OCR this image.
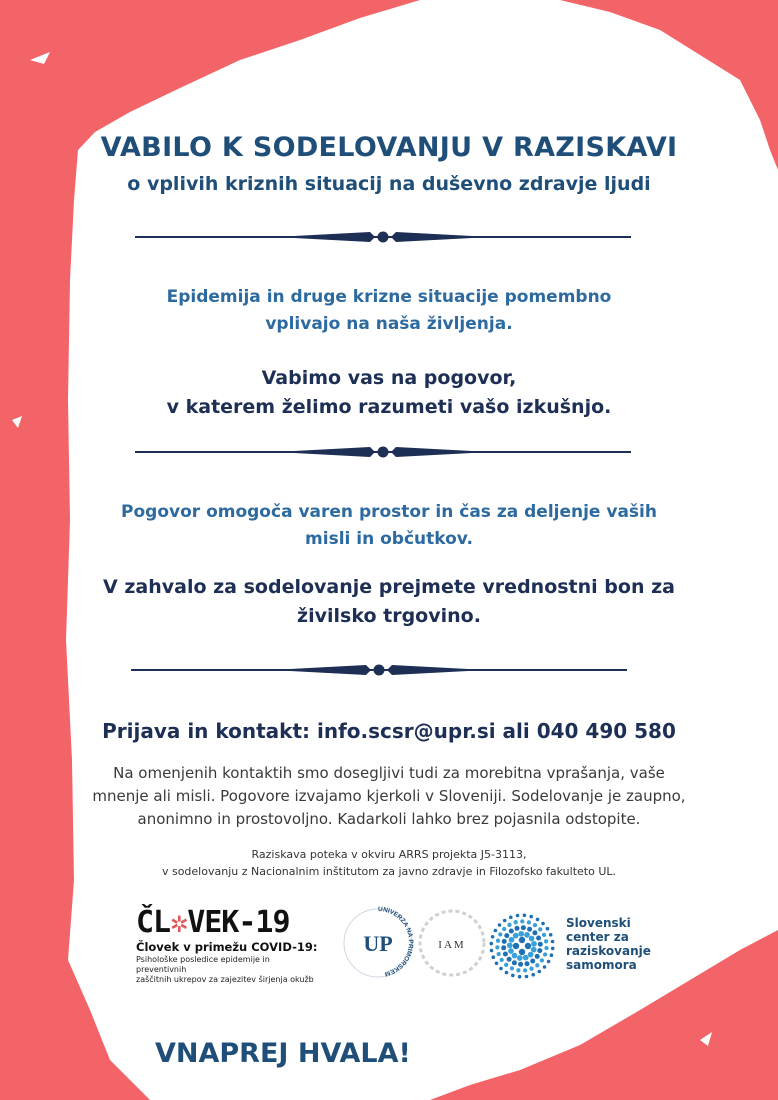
VABILO K SODELOVANJU V RAZISKAVI
o vplivih kriznih situacij na duševno zdravje ljudi
Epidemija in druge krizne situacije pomembno
vplivajo na naša življenja.
Vabimo vas na pogovor,
v katerem želimo razumeti vašo izkušnjo.
Pogovor omogoča varen prostor in čas za deljenje vaših
misli in občutkov.
V zahvalo za sodelovanje prejmete vrednostni bon za
živilsko trgovino.
Prijava in kontakt: info.scsr@upr.si ali 040 490 580
Na omenjenih kontaktih smo dosegljivi tudi za morebitna vprašanja, vaše
mnenje ali misli. Pogovore izvajamo kjerkoli v Sloveniji. Sodelovanje je zaupno,
anonimno in prostovoljno. Kadarkoli lahko brez pojasnila odstopite.
Raziskava poteka v okviru ARRS projekta J5-3113,
v sodelovanju z Nacionalnim inštitutom za javno zdravje in Filozofsko fakulteto UL.
ČL✲VEK-19
Človek v primežu COVID-19:
Psihološke posledice epidemije in preventivnih
zaščitnih ukrepov za zajezitev širjenja okužb
UNIVERZA NA PRIMORSKEM
UP	IAM
Slovenski
center za
raziskovanje
samomora
VNAPREJ HVALA!
